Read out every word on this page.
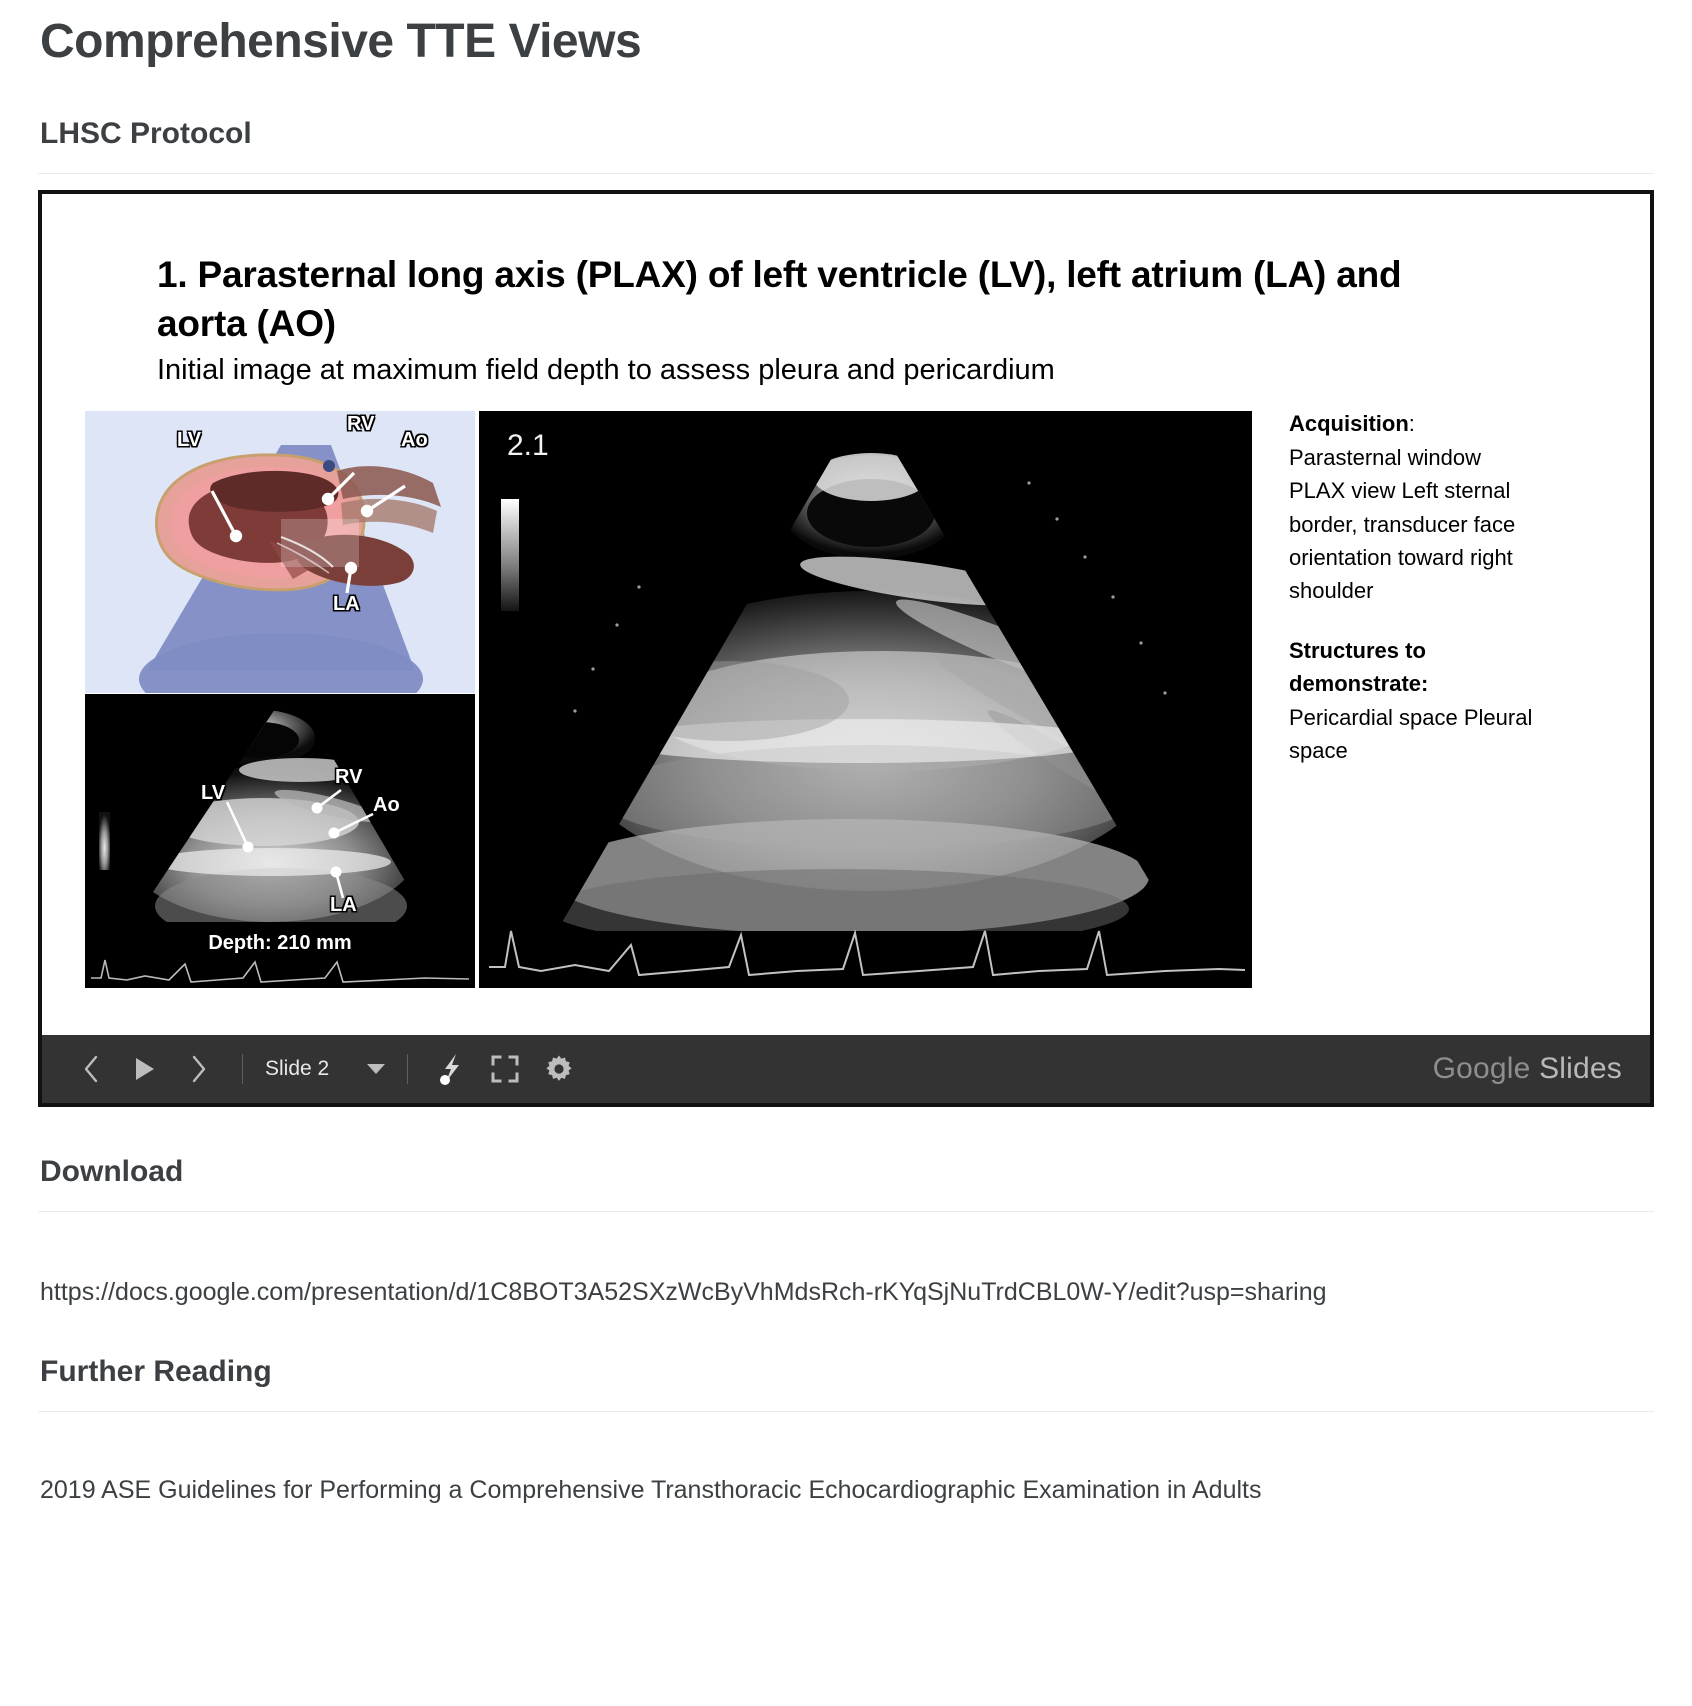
Comprehensive TTE Views
LHSC Protocol
1. Parasternal long axis (PLAX) of left ventricle (LV), left atrium (LA) and aorta (AO)
Initial image at maximum field depth to assess pleura and pericardium
LV
RV
Ao
LA
LV
RV
Ao
LA
Depth: 210 mm
2.1
Acquisition:
Parasternal window PLAX view Left sternal border, transducer face orientation toward right shoulder
Structures to demonstrate:
Pericardial space Pleural space
Slide 2	Google Slides
Download
https://docs.google.com/presentation/d/1C8BOT3A52SXzWcByVhMdsRch-rKYqSjNuTrdCBL0W-Y/edit?usp=sharing
Further Reading
2019 ASE Guidelines for Performing a Comprehensive Transthoracic Echocardiographic Examination in Adults
